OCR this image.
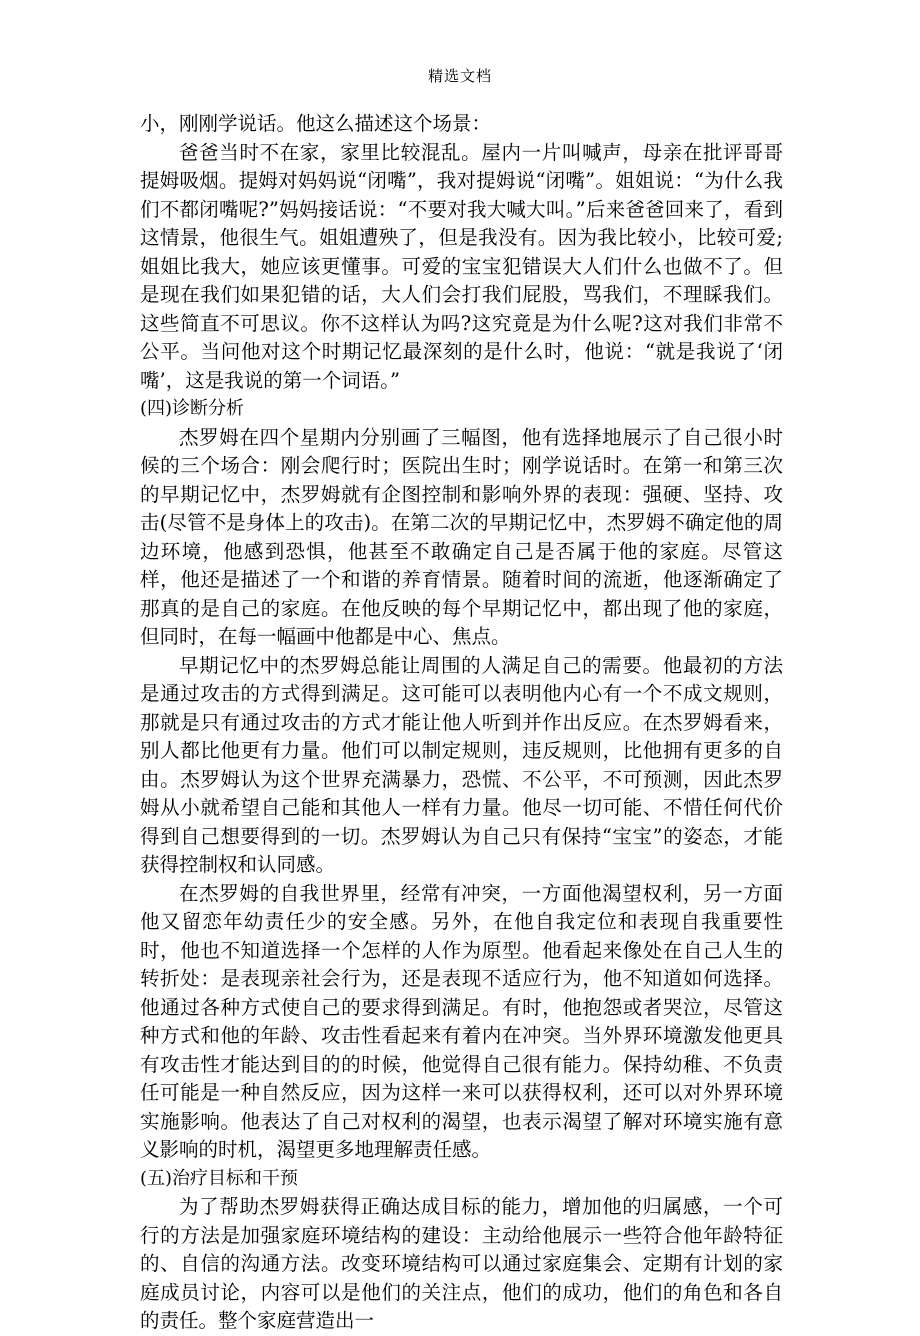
精选文档

小，刚刚学说话。他这么描述这个场景：

爸爸当时不在家，家里比较混乱。屋内一片叫喊声，母亲在批评哥哥提姆吸烟。提姆对妈妈说“闭嘴”，我对提姆说“闭嘴”。姐姐说：“为什么我们不都闭嘴呢?”妈妈接话说：“不要对我大喊大叫。”后来爸爸回来了，看到这情景，他很生气。姐姐遭殃了，但是我没有。因为我比较小，比较可爱;姐姐比我大，她应该更懂事。可爱的宝宝犯错误大人们什么也做不了。但是现在我们如果犯错的话，大人们会打我们屁股，骂我们，不理睬我们。这些简直不可思议。你不这样认为吗?这究竟是为什么呢?这对我们非常不公平。当问他对这个时期记忆最深刻的是什么时，他说：“就是我说了‘闭嘴’，这是我说的第一个词语。”

(四)诊断分析

杰罗姆在四个星期内分别画了三幅图，他有选择地展示了自己很小时候的三个场合：刚会爬行时；医院出生时；刚学说话时。在第一和第三次的早期记忆中，杰罗姆就有企图控制和影响外界的表现：强硬、坚持、攻击(尽管不是身体上的攻击)。在第二次的早期记忆中，杰罗姆不确定他的周边环境，他感到恐惧，他甚至不敢确定自己是否属于他的家庭。尽管这样，他还是描述了一个和谐的养育情景。随着时间的流逝，他逐渐确定了那真的是自己的家庭。在他反映的每个早期记忆中，都出现了他的家庭，但同时，在每一幅画中他都是中心、焦点。

早期记忆中的杰罗姆总能让周围的人满足自己的需要。他最初的方法是通过攻击的方式得到满足。这可能可以表明他内心有一个不成文规则，那就是只有通过攻击的方式才能让他人听到并作出反应。在杰罗姆看来，别人都比他更有力量。他们可以制定规则，违反规则，比他拥有更多的自由。杰罗姆认为这个世界充满暴力，恐慌、不公平，不可预测，因此杰罗姆从小就希望自己能和其他人一样有力量。他尽一切可能、不惜任何代价得到自己想要得到的一切。杰罗姆认为自己只有保持“宝宝”的姿态，才能获得控制权和认同感。

在杰罗姆的自我世界里，经常有冲突，一方面他渴望权利，另一方面他又留恋年幼责任少的安全感。另外，在他自我定位和表现自我重要性时，他也不知道选择一个怎样的人作为原型。他看起来像处在自己人生的转折处：是表现亲社会行为，还是表现不适应行为，他不知道如何选择。他通过各种方式使自己的要求得到满足。有时，他抱怨或者哭泣，尽管这种方式和他的年龄、攻击性看起来有着内在冲突。当外界环境激发他更具有攻击性才能达到目的的时候，他觉得自己很有能力。保持幼稚、不负责任可能是一种自然反应，因为这样一来可以获得权利，还可以对外界环境实施影响。他表达了自己对权利的渴望，也表示渴望了解对环境实施有意义影响的时机，渴望更多地理解责任感。

(五)治疗目标和干预

为了帮助杰罗姆获得正确达成目标的能力，增加他的归属感，一个可行的方法是加强家庭环境结构的建设：主动给他展示一些符合他年龄特征的、自信的沟通方法。改变环境结构可以通过家庭集会、定期有计划的家庭成员讨论，内容可以是他们的关注点，他们的成功，他们的角色和各自的责任。整个家庭营造出一
